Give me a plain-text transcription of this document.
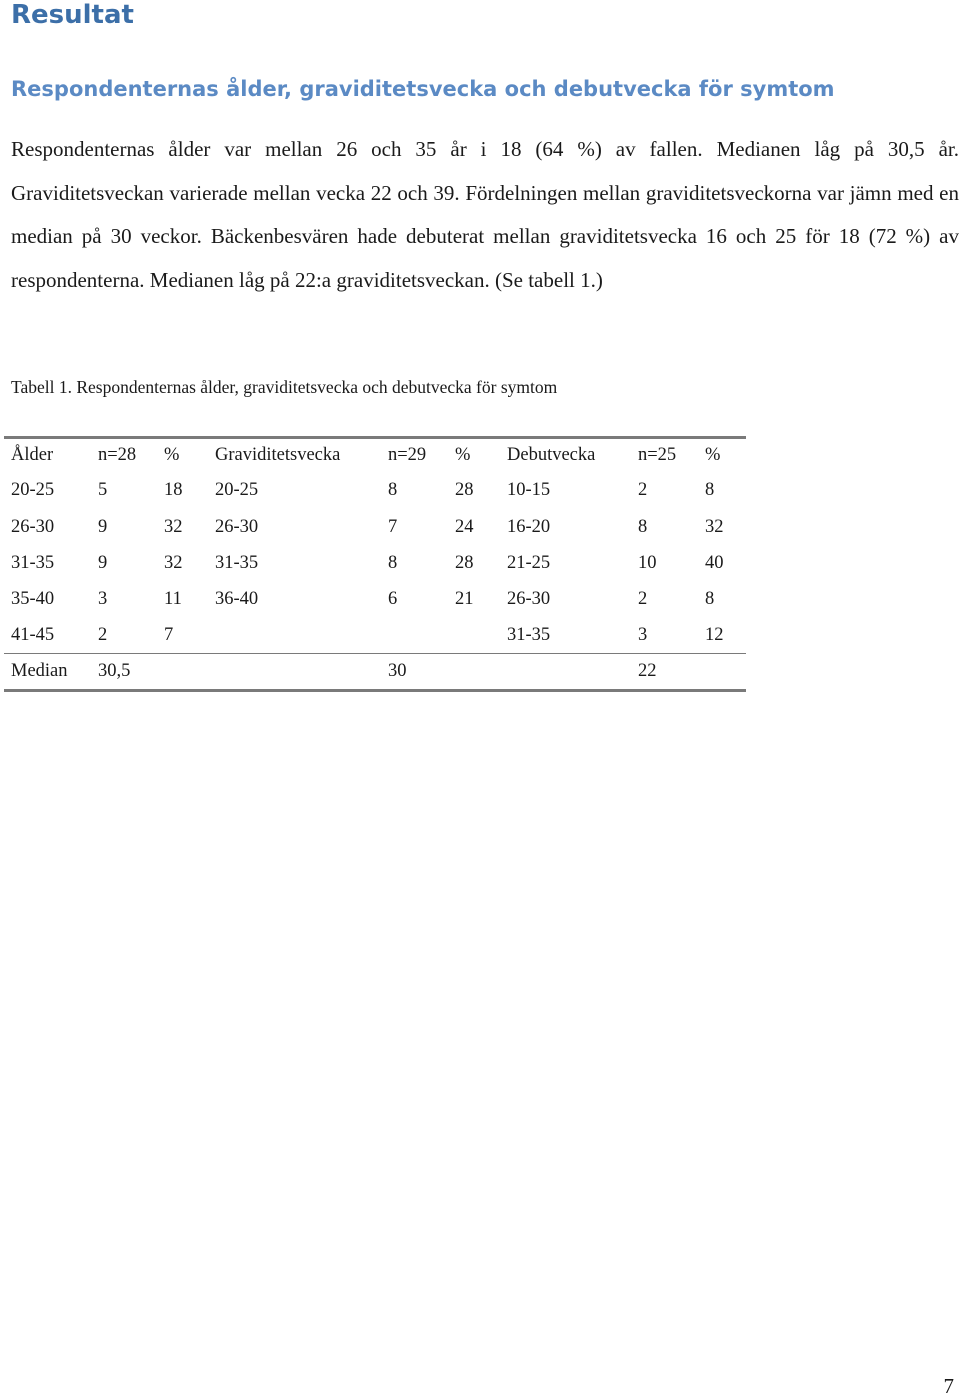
Resultat
Respondenternas ålder, graviditetsvecka och debutvecka för symtom

Respondenternas ålder var mellan 26 och 35 år i 18 (64 %) av fallen. Medianen låg på 30,5 år. Graviditetsveckan varierade mellan vecka 22 och 39. Fördelningen mellan graviditetsveckorna var jämn med en median på 30 veckor. Bäckenbesvären hade debuterat mellan graviditetsvecka 16 och 25 för 18 (72 %) av respondenterna. Medianen låg på 22:a graviditetsveckan. (Se tabell 1.)

Tabell 1. Respondenternas ålder, graviditetsvecka och debutvecka för symtom

Ålder	n=28	%	Graviditetsvecka	n=29	%	Debutvecka	n=25	%
20-25	5	18	20-25	8	28	10-15	2	8
26-30	9	32	26-30	7	24	16-20	8	32
31-35	9	32	31-35	8	28	21-25	10	40
35-40	3	11	36-40	6	21	26-30	2	8
41-45	2	7				31-35	3	12
Median	30,5			30			22	
7
